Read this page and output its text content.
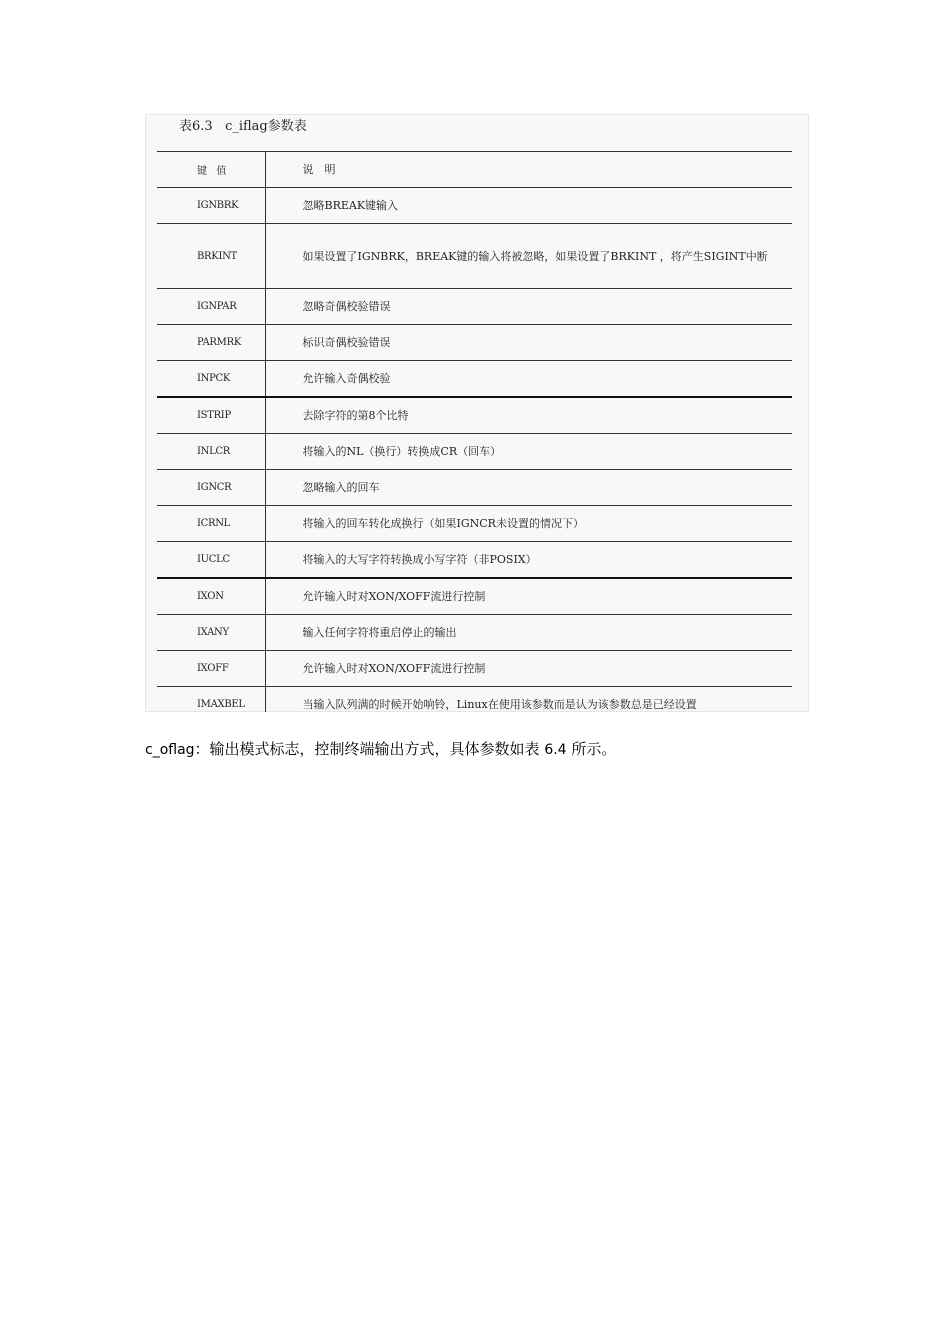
表6.3   c_iflag参数表
键　值	说　明
IGNBRK	忽略BREAK键输入
BRKINT	如果设置了IGNBRK，BREAK键的输入将被忽略，如果设置了BRKINT ，将产生SIGINT中断
IGNPAR	忽略奇偶校验错误
PARMRK	标识奇偶校验错误
INPCK	允许输入奇偶校验
ISTRIP	去除字符的第8个比特
INLCR	将输入的NL（换行）转换成CR（回车）
IGNCR	忽略输入的回车
ICRNL	将输入的回车转化成换行（如果IGNCR未设置的情况下）
IUCLC	将输入的大写字符转换成小写字符（非POSIX）
IXON	允许输入时对XON/XOFF流进行控制
IXANY	输入任何字符将重启停止的输出
IXOFF	允许输入时对XON/XOFF流进行控制
IMAXBEL	当输入队列满的时候开始响铃，Linux在使用该参数而是认为该参数总是已经设置

c_oflag：输出模式标志，控制终端输出方式，具体参数如表 6.4 所示。
